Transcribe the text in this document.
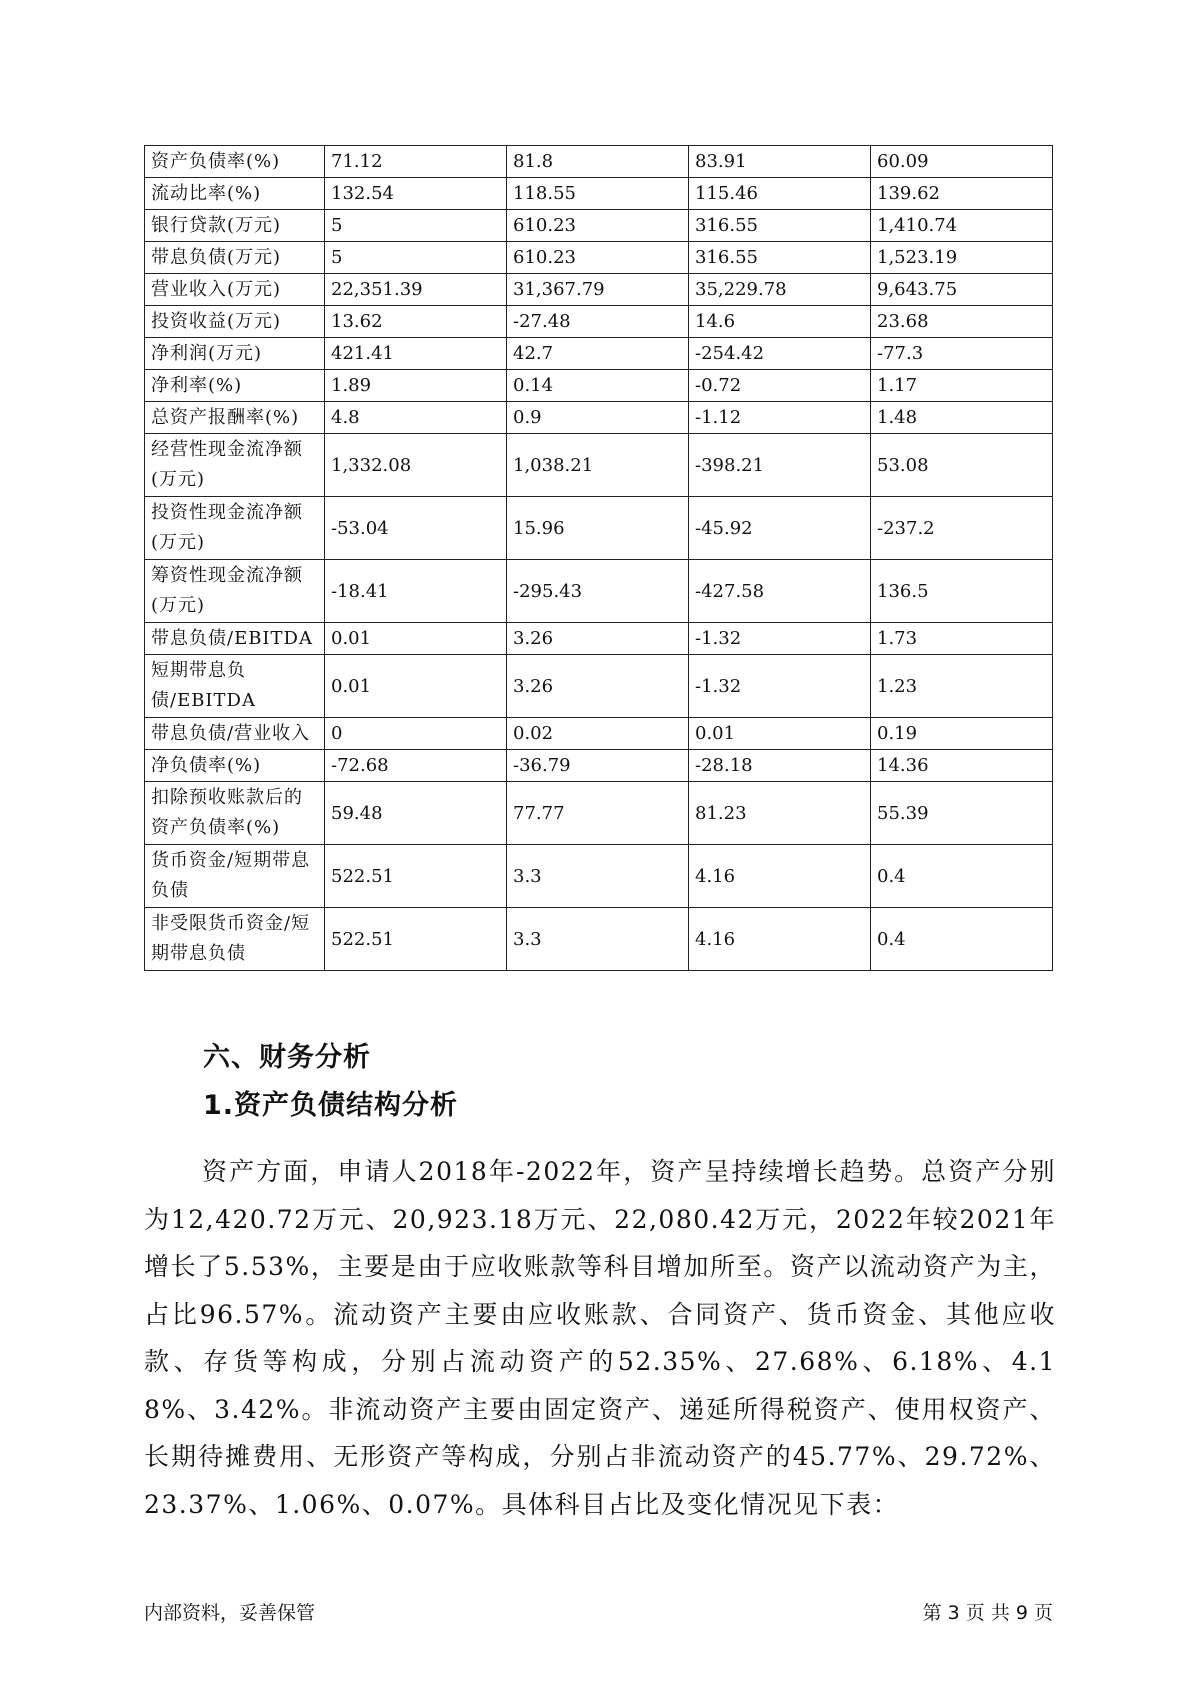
资产负债率(%)	71.12	81.8	83.91	60.09
流动比率(%)	132.54	118.55	115.46	139.62
银行贷款(万元)	5	610.23	316.55	1,410.74
带息负债(万元)	5	610.23	316.55	1,523.19
营业收入(万元)	22,351.39	31,367.79	35,229.78	9,643.75
投资收益(万元)	13.62	-27.48	14.6	23.68
净利润(万元)	421.41	42.7	-254.42	-77.3
净利率(%)	1.89	0.14	-0.72	1.17
总资产报酬率(%)	4.8	0.9	-1.12	1.48
经营性现金流净额(万元)	1,332.08	1,038.21	-398.21	53.08
投资性现金流净额(万元)	-53.04	15.96	-45.92	-237.2
筹资性现金流净额(万元)	-18.41	-295.43	-427.58	136.5
带息负债/EBITDA	0.01	3.26	-1.32	1.73
短期带息负债/EBITDA	0.01	3.26	-1.32	1.23
带息负债/营业收入	0	0.02	0.01	0.19
净负债率(%)	-72.68	-36.79	-28.18	14.36
扣除预收账款后的资产负债率(%)	59.48	77.77	81.23	55.39
货币资金/短期带息负债	522.51	3.3	4.16	0.4
非受限货币资金/短期带息负债	522.51	3.3	4.16	0.4
六、财务分析
1.资产负债结构分析
资产方面，申请人2018年-2022年，资产呈持续增长趋势。总资产分别为12,420.72万元、20,923.18万元、22,080.42万元，2022年较2021年增长了5.53%，主要是由于应收账款等科目增加所至。资产以流动资产为主，占比96.57%。流动资产主要由应收账款、合同资产、货币资金、其他应收款、存货等构成，分别占流动资产的52.35%、27.68%、6.18%、4.18%、3.42%。非流动资产主要由固定资产、递延所得税资产、使用权资产、长期待摊费用、无形资产等构成，分别占非流动资产的45.77%、29.72%、23.37%、1.06%、0.07%。具体科目占比及变化情况见下表：
内部资料，妥善保管	第 3 页 共 9 页
